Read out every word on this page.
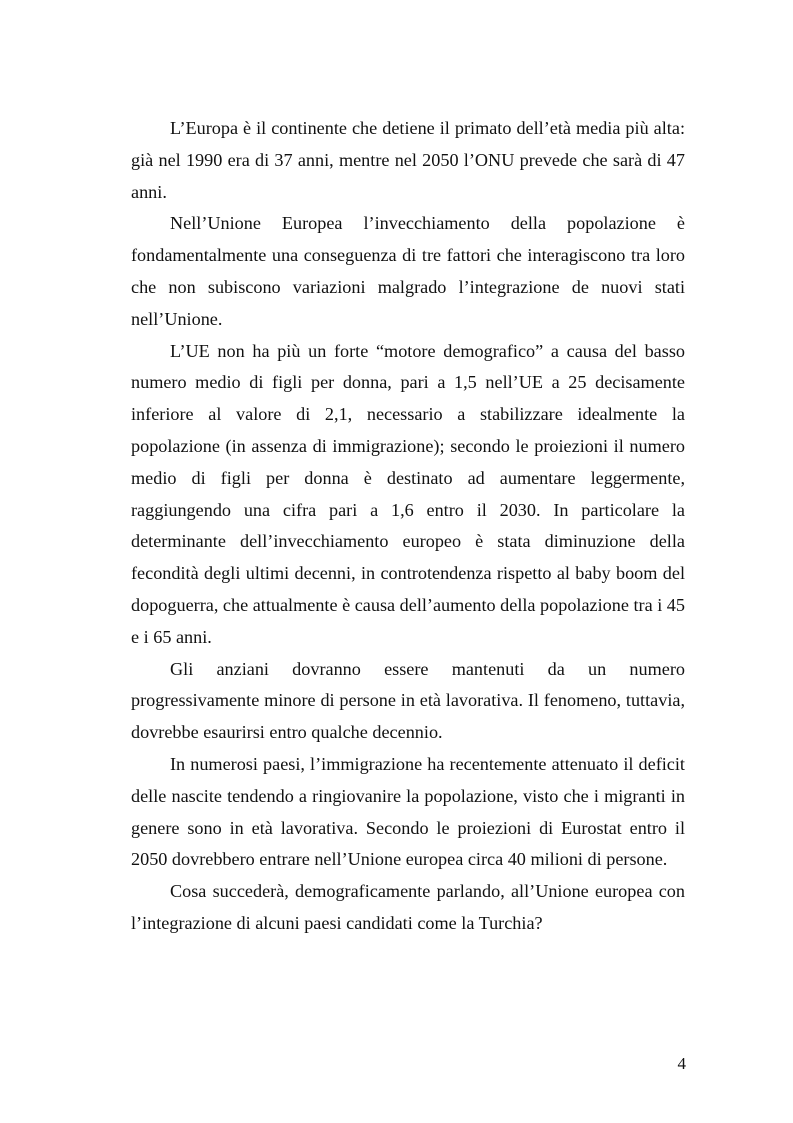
L’Europa è il continente che detiene il primato dell’età media più alta: già nel 1990 era di 37 anni, mentre nel 2050 l’ONU prevede che sarà di 47 anni.

Nell’Unione Europea l’invecchiamento della popolazione è fondamentalmente una conseguenza di tre fattori che interagiscono tra loro che non subiscono variazioni malgrado l’integrazione de nuovi stati nell’Unione.

L’UE non ha più un forte “motore demografico” a causa del basso numero medio di figli per donna, pari a 1,5 nell’UE a 25 decisamente inferiore al valore di 2,1, necessario a stabilizzare idealmente la popolazione (in assenza di immigrazione); secondo le proiezioni il numero medio di figli per donna è destinato ad aumentare leggermente, raggiungendo una cifra pari a 1,6 entro il 2030. In particolare la determinante dell’invecchiamento europeo è stata diminuzione della fecondità degli ultimi decenni, in controtendenza rispetto al baby boom del dopoguerra, che attualmente è causa dell’aumento della popolazione tra i 45 e i 65 anni.

Gli anziani dovranno essere mantenuti da un numero progressivamente minore di persone in età lavorativa. Il fenomeno, tuttavia, dovrebbe esaurirsi entro qualche decennio.

In numerosi paesi, l’immigrazione ha recentemente attenuato il deficit delle nascite tendendo a ringiovanire la popolazione, visto che i migranti in genere sono in età lavorativa. Secondo le proiezioni di Eurostat entro il 2050 dovrebbero entrare nell’Unione europea circa 40 milioni di persone.

Cosa succederà, demograficamente parlando, all’Unione europea con l’integrazione di alcuni paesi candidati come la Turchia?

4
